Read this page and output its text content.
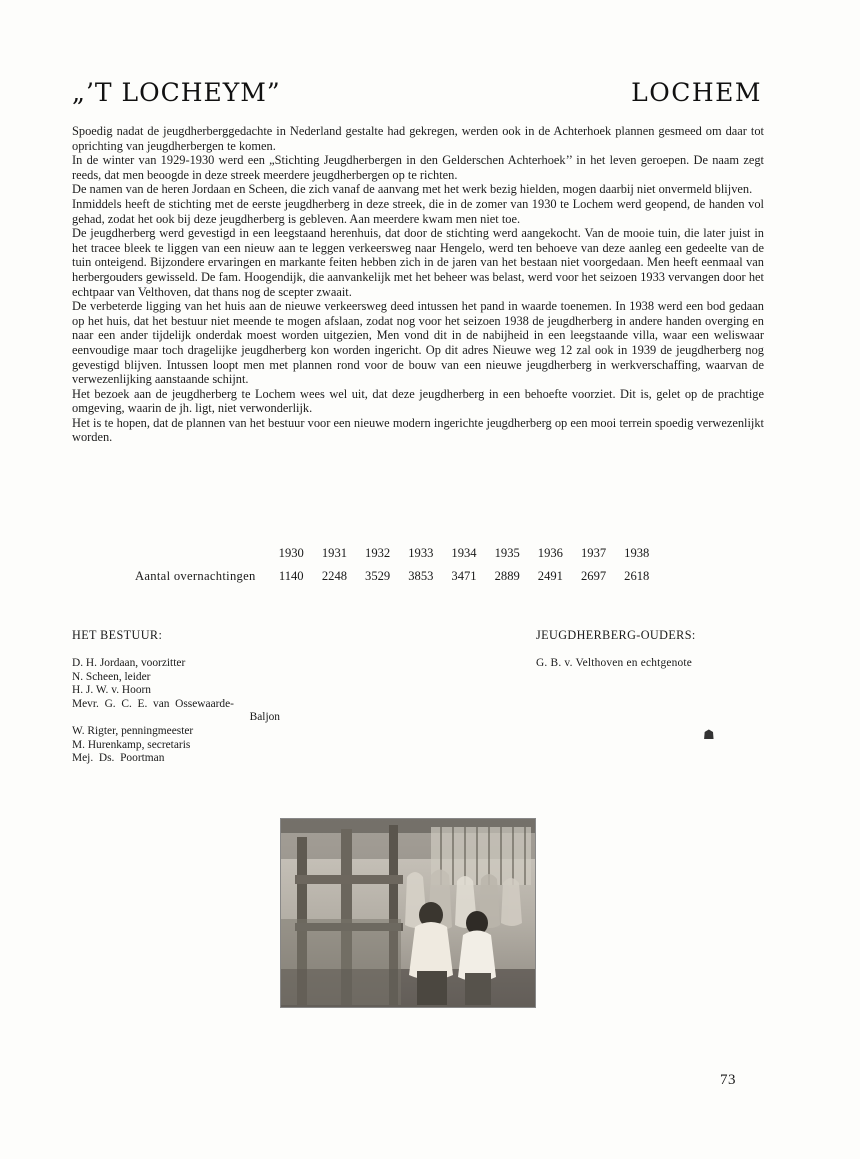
„’T LOCHEYM”	LOCHEM

Spoedig nadat de jeugdherberggedachte in Nederland gestalte had gekregen, werden ook in de Achterhoek plannen gesmeed om daar tot oprichting van jeugdherbergen te komen.

In de winter van 1929-1930 werd een „Stichting Jeugdherbergen in den Gelderschen Achterhoek’’ in het leven geroepen. De naam zegt reeds, dat men beoogde in deze streek meerdere jeugdherbergen op te richten.

De namen van de heren Jordaan en Scheen, die zich vanaf de aanvang met het werk bezig hielden, mogen daarbij niet onvermeld blijven.

Inmiddels heeft de stichting met de eerste jeugdherberg in deze streek, die in de zomer van 1930 te Lochem werd geopend, de handen vol gehad, zodat het ook bij deze jeugdherberg is gebleven. Aan meerdere kwam men niet toe.

De jeugdherberg werd gevestigd in een leegstaand herenhuis, dat door de stichting werd aangekocht. Van de mooie tuin, die later juist in het tracee bleek te liggen van een nieuw aan te leggen verkeersweg naar Hengelo, werd ten behoeve van deze aanleg een gedeelte van de tuin onteigend. Bijzondere ervaringen en markante feiten hebben zich in de jaren van het bestaan niet voorgedaan. Men heeft eenmaal van herbergouders gewisseld. De fam. Hoogendijk, die aanvankelijk met het beheer was belast, werd voor het seizoen 1933 vervangen door het echtpaar van Velthoven, dat thans nog de scepter zwaait.

De verbeterde ligging van het huis aan de nieuwe verkeersweg deed intussen het pand in waarde toenemen. In 1938 werd een bod gedaan op het huis, dat het bestuur niet meende te mogen afslaan, zodat nog voor het seizoen 1938 de jeugdherberg in andere handen overging en naar een ander tijdelijk onderdak moest worden uitgezien, Men vond dit in de nabijheid in een leegstaande villa, waar een weliswaar eenvoudige maar toch dragelijke jeugdherberg kon worden ingericht. Op dit adres Nieuwe weg 12 zal ook in 1939 de jeugdherberg nog gevestigd blijven. Intussen loopt men met plannen rond voor de bouw van een nieuwe jeugdherberg in werkverschaffing, waarvan de verwezenlijking aanstaande schijnt.

Het bezoek aan de jeugdherberg te Lochem wees wel uit, dat deze jeugdherberg in een behoefte voorziet. Dit is, gelet op de prachtige omgeving, waarin de jh. ligt, niet verwonderlijk.

Het is te hopen, dat de plannen van het bestuur voor een nieuwe modern ingerichte jeugdherberg op een mooi terrein spoedig verwezenlijkt worden.

	1930	1931	1932	1933	1934	1935	1936	1937	1938
Aantal overnachtingen	1140	2248	3529	3853	3471	2889	2491	2697	2618
HET BESTUUR:
D. H. Jordaan, voorzitter
N. Scheen, leider
H. J. W. v. Hoorn
Mevr.  G.  C.  E.  van  Ossewaarde-
Baljon
W. Rigter, penningmeester
M. Hurenkamp, secretaris
Mej.  Ds.  Poortman
JEUGDHERBERG-OUDERS:
G. B. v. Velthoven en echtgenote
☗
73
